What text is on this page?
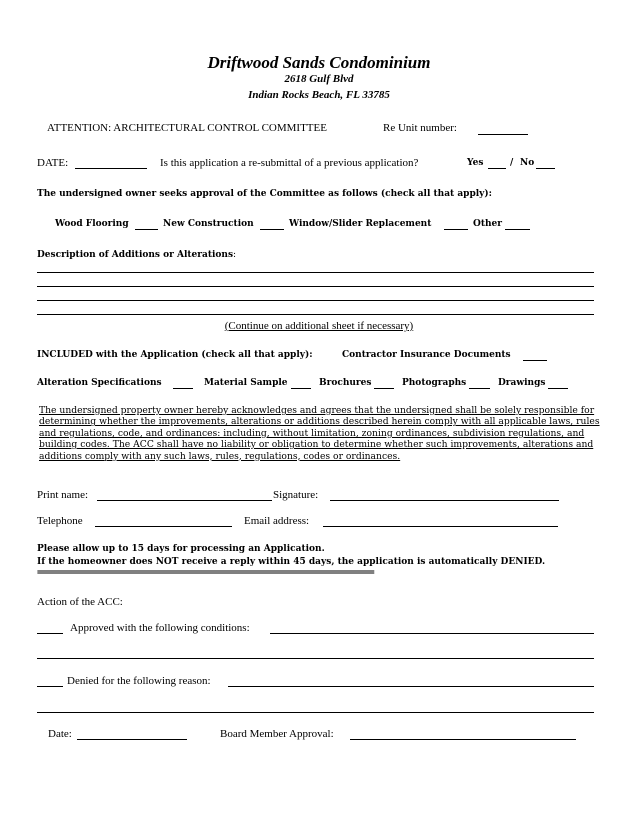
Driftwood Sands Condominium
2618 Gulf Blvd
Indian Rocks Beach, FL 33785
ATTENTION: ARCHITECTURAL CONTROL COMMITTEE	Re Unit number:
DATE:	Is this application a re-submittal of a previous application?	Yes	/ No
The undersigned owner seeks approval of the Committee as follows (check all that apply):
Wood Flooring	New Construction	Window/Slider Replacement	Other
Description of Additions or Alterations:
(Continue on additional sheet if necessary)
INCLUDED with the Application (check all that apply):	Contractor Insurance Documents
Alteration Specifications	Material Sample	Brochures	Photographs	Drawings
The undersigned property owner hereby acknowledges and agrees that the undersigned shall be solely responsible for determining whether the improvements, alterations or additions described herein comply with all applicable laws, rules and regulations, code, and ordinances: including, without limitation, zoning ordinances, subdivision regulations, and building codes. The ACC shall have no liability or obligation to determine whether such improvements, alterations and additions comply with any such laws, rules, regulations, codes or ordinances.
Print name:	Signature:
Telephone	Email address:
Please allow up to 15 days for processing an Application.
If the homeowner does NOT receive a reply within 45 days, the application is automatically DENIED.
========================================================================================
Action of the ACC:
Approved with the following conditions:
Denied for the following reason:
Date:	Board Member Approval:
